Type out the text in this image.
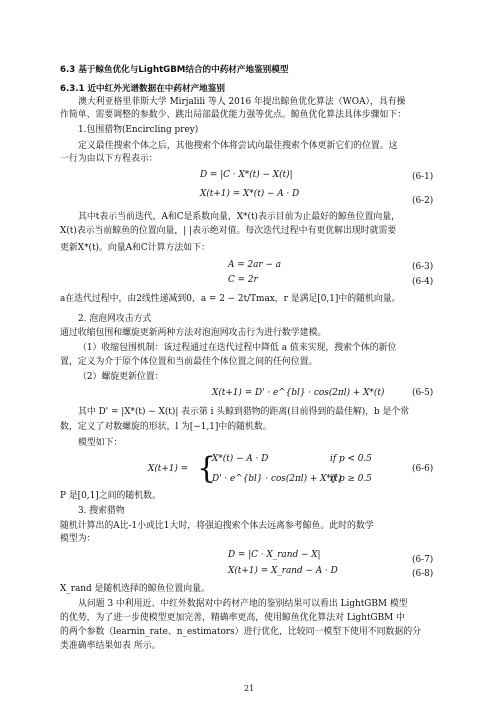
6.3 基于鲸鱼优化与LightGBM结合的中药材产地鉴别模型
6.3.1 近中红外光谱数据在中药材产地鉴别
澳大利亚格里菲斯大学 Mirjalili 等人 2016 年提出鲸鱼优化算法（WOA），具有操
作简单、需要调整的参数少、跳出局部最优能力强等优点。鲸鱼优化算法具体步骤如下：
1.包围猎物(Encircling prey)
定义最佳搜索个体之后，其他搜索个体将尝试向最佳搜索个体更新它们的位置。这
一行为由以下方程表示：
D = |C · X*(t) − X(t)|	(6-1)
X(t+1) = X*(t) − A · D
(6-2)
其中t表示当前迭代，A和C是系数向量，X*(t)表示目前为止最好的鲸鱼位置向量，
X(t)表示当前鲸鱼的位置向量，| |表示绝对值。每次迭代过程中有更优解出现时就需要
更新X*(t)。向量A和C计算方法如下：
A = 2ar − a	(6-3)
C = 2r	(6-4)
a在迭代过程中，由2线性递减到0，a = 2 − 2t/Tmax，r 是满足[0,1]中的随机向量。
2. 泡泡网攻击方式
通过收缩包围和螺旋更新两种方法对泡泡网攻击行为进行数学建模。
（1）收缩包围机制：该过程通过在迭代过程中降低 a 值来实现，搜索个体的新位
置，定义为介于原个体位置和当前最佳个体位置之间的任何位置。
（2）螺旋更新位置：
X(t+1) = D' · e^{bl} · cos(2πl) + X*(t)	(6-5)
其中 D' = |X*(t) − X(t)| 表示第 i 头鲸到猎物的距离(目前得到的最佳解)，b 是个常
数，定义了对数螺旋的形状，l 为[−1,1]中的随机数。
模型如下：
X(t+1) = {
X*(t) − A · D	if p < 0.5
D' · e^{bl} · cos(2πl) + X*(t)
if p ≥ 0.5
(6-6)
P 是[0,1]之间的随机数。
3. 搜索猎物
随机计算出的A比-1小或比1大时，将强迫搜索个体去远离参考鲸鱼。此时的数学
模型为：
D = |C · X_rand − X|	(6-7)
X(t+1) = X_rand − A · D	(6-8)
X_rand 是随机选择的鲸鱼位置向量。
从问题 3 中利用近、中红外数据对中药材产地的鉴别结果可以看出 LightGBM 模型
的优势，为了进一步使模型更加完善，精确率更高，使用鲸鱼优化算法对 LightGBM 中
的两个参数（learnin_rate、n_estimators）进行优化，比较同一模型下使用不同数据的分
类准确率结果如表 所示。
21
